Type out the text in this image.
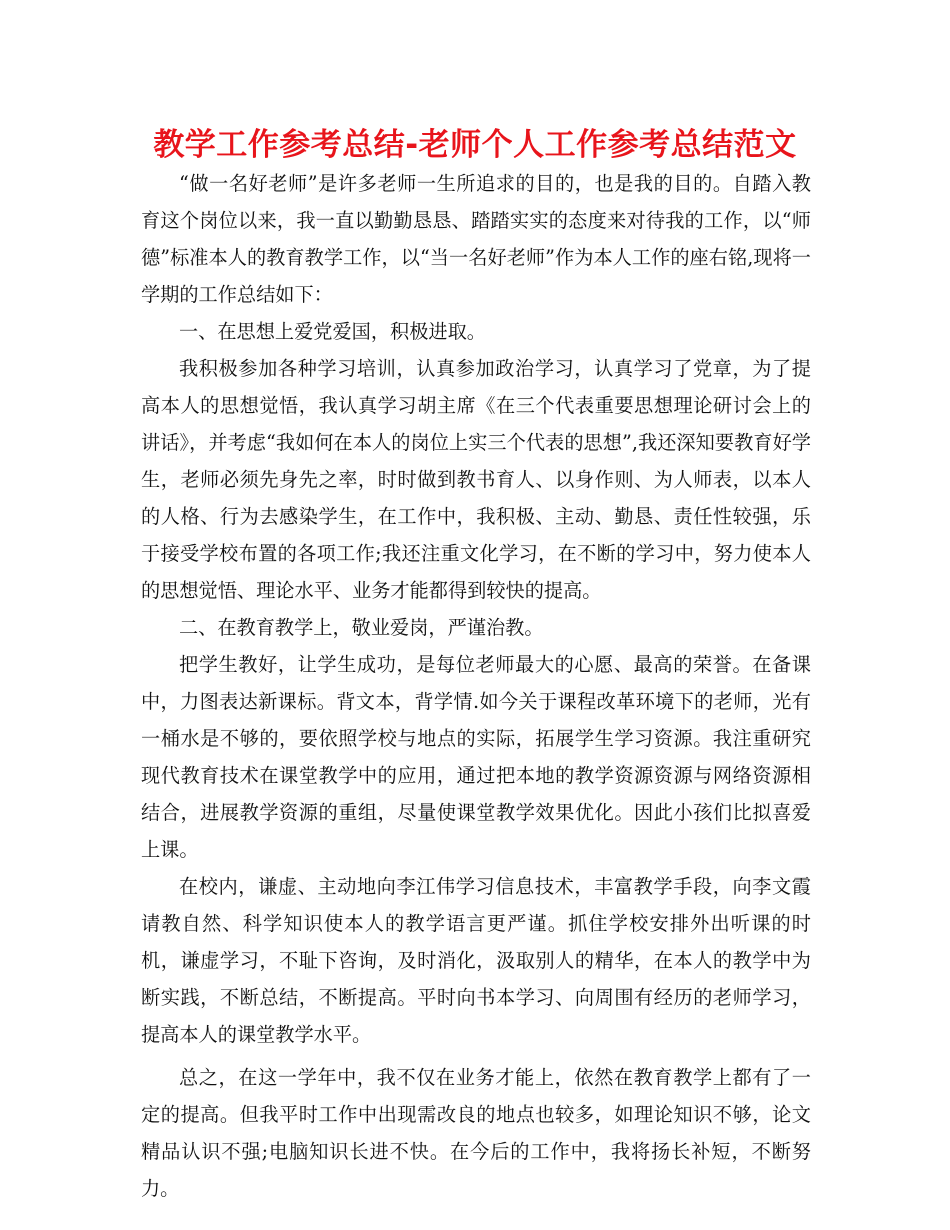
教学工作参考总结-老师个人工作参考总结范文

“做一名好老师”是许多老师一生所追求的目的，也是我的目的。自踏入教育这个岗位以来，我一直以勤勤恳恳、踏踏实实的态度来对待我的工作，以“师德”标准本人的教育教学工作，以“当一名好老师”作为本人工作的座右铭,现将一学期的工作总结如下：

一、在思想上爱党爱国，积极进取。

我积极参加各种学习培训，认真参加政治学习，认真学习了党章，为了提高本人的思想觉悟，我认真学习胡主席《在三个代表重要思想理论研讨会上的讲话》，并考虑“我如何在本人的岗位上实三个代表的思想”,我还深知要教育好学生，老师必须先身先之率，时时做到教书育人、以身作则、为人师表，以本人的人格、行为去感染学生，在工作中，我积极、主动、勤恳、责任性较强，乐于接受学校布置的各项工作;我还注重文化学习，在不断的学习中，努力使本人的思想觉悟、理论水平、业务才能都得到较快的提高。

二、在教育教学上，敬业爱岗，严谨治教。

把学生教好，让学生成功，是每位老师最大的心愿、最高的荣誉。在备课中，力图表达新课标。背文本，背学情.如今关于课程改革环境下的老师，光有一桶水是不够的，要依照学校与地点的实际，拓展学生学习资源。我注重研究现代教育技术在课堂教学中的应用，通过把本地的教学资源资源与网络资源相结合，进展教学资源的重组，尽量使课堂教学效果优化。因此小孩们比拟喜爱上课。

在校内，谦虚、主动地向李江伟学习信息技术，丰富教学手段，向李文霞请教自然、科学知识使本人的教学语言更严谨。抓住学校安排外出听课的时机，谦虚学习，不耻下咨询，及时消化，汲取别人的精华，在本人的教学中为断实践，不断总结，不断提高。平时向书本学习、向周围有经历的老师学习，提高本人的课堂教学水平。

总之，在这一学年中，我不仅在业务才能上，依然在教育教学上都有了一定的提高。但我平时工作中出现需改良的地点也较多，如理论知识不够，论文精品认识不强;电脑知识长进不快。在今后的工作中，我将扬长补短，不断努力。
